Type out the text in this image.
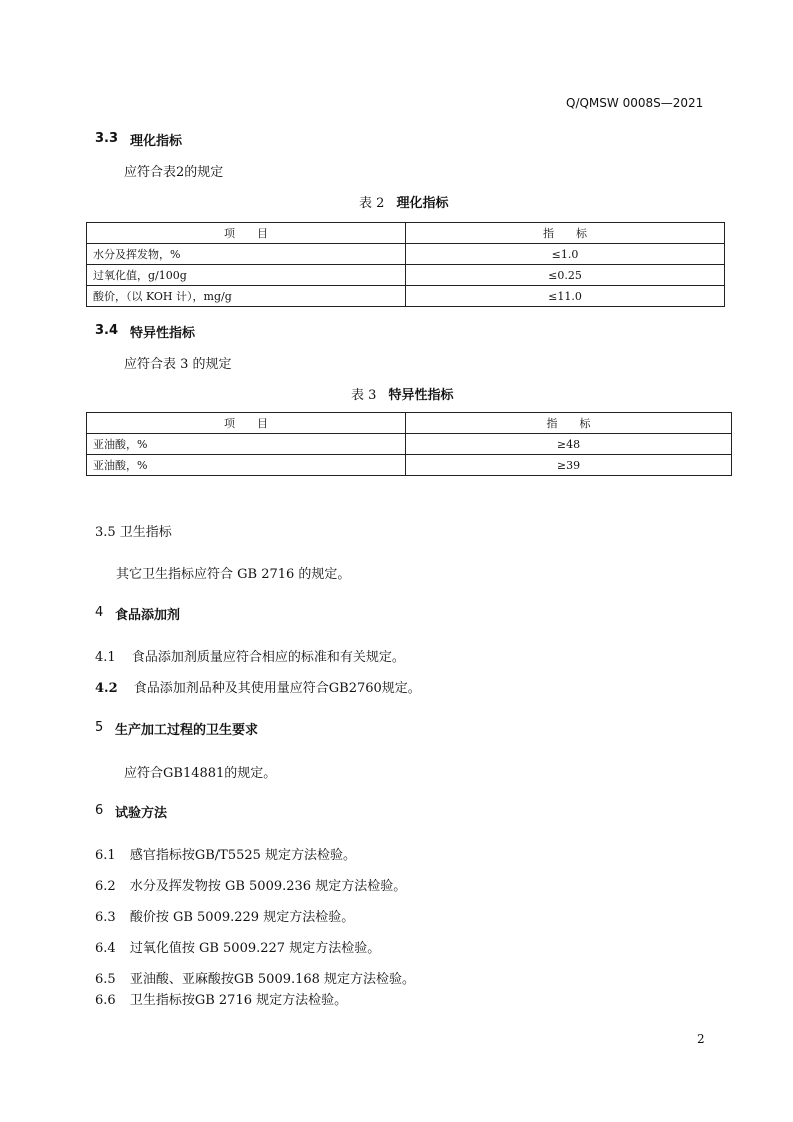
Q/QMSW 0008S—2021
3.3 理化指标
应符合表2的规定
表 2 理化指标
项　　目	指　　标
水分及挥发物，%	≤1.0
过氧化值，g/100g	≤0.25
酸价，（以 KOH 计），mg/g	≤11.0
3.4 特异性指标
应符合表 3 的规定
表 3 特异性指标
项　　目	指　　标
亚油酸，%	≥48
亚油酸，%	≥39
3.5 卫生指标
其它卫生指标应符合 GB 2716 的规定。
4 食品添加剂
4.1 食品添加剂质量应符合相应的标准和有关规定。
4.2 食品添加剂品种及其使用量应符合GB2760规定。
5 生产加工过程的卫生要求
应符合GB14881的规定。
6 试验方法
6.1 感官指标按GB/T5525 规定方法检验。
6.2 水分及挥发物按 GB 5009.236 规定方法检验。
6.3 酸价按 GB 5009.229 规定方法检验。
6.4 过氧化值按 GB 5009.227 规定方法检验。
6.5 亚油酸、亚麻酸按GB 5009.168 规定方法检验。
6.6 卫生指标按GB 2716 规定方法检验。
2
